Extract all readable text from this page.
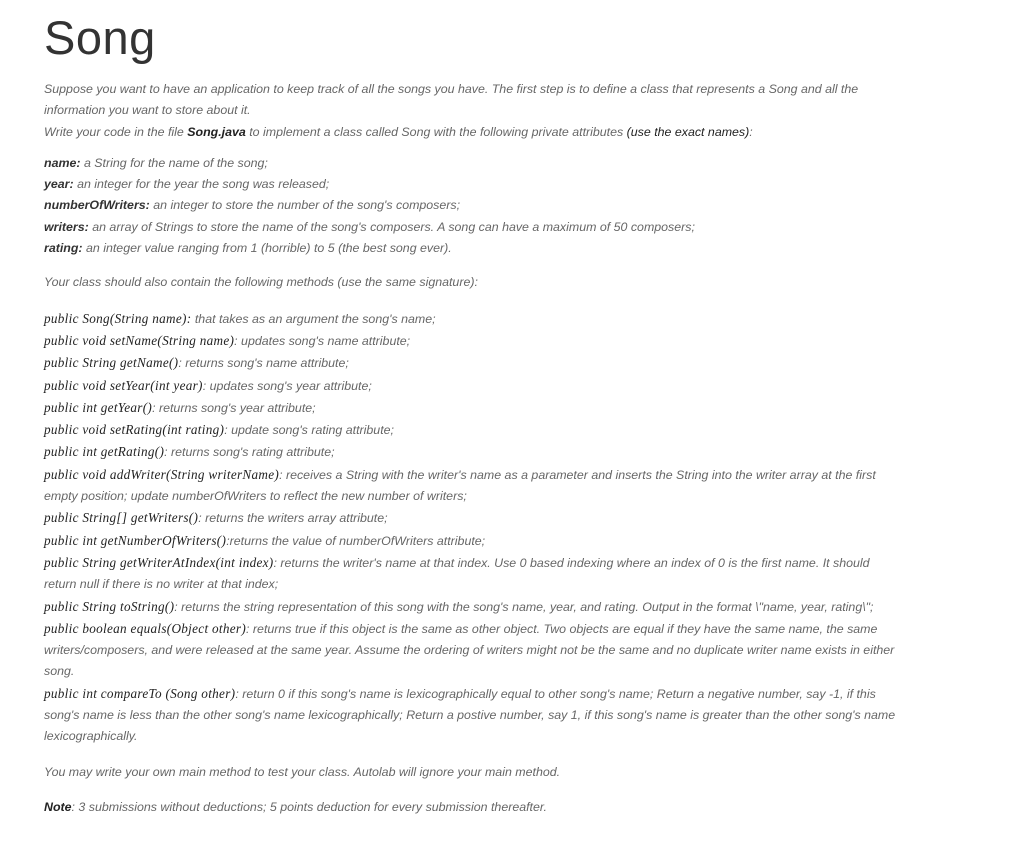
Song

Suppose you want to have an application to keep track of all the songs you have. The first step is to define a class that represents a Song and all the information you want to store about it.
Write your code in the file Song.java to implement a class called Song with the following private attributes (use the exact names):

name: a String for the name of the song;

year: an integer for the year the song was released;

numberOfWriters: an integer to store the number of the song's composers;

writers: an array of Strings to store the name of the song's composers. A song can have a maximum of 50 composers;

rating: an integer value ranging from 1 (horrible) to 5 (the best song ever).

Your class should also contain the following methods (use the same signature):

public Song(String name): that takes as an argument the song's name;

public void setName(String name): updates song's name attribute;

public String getName(): returns song's name attribute;

public void setYear(int year): updates song's year attribute;

public int getYear(): returns song's year attribute;

public void setRating(int rating): update song's rating attribute;

public int getRating(): returns song's rating attribute;

public void addWriter(String writerName): receives a String with the writer's name as a parameter and inserts the String into the writer array at the first empty position; update numberOfWriters to reflect the new number of writers;

public String[] getWriters(): returns the writers array attribute;

public int getNumberOfWriters():returns the value of numberOfWriters attribute;

public String getWriterAtIndex(int index): returns the writer's name at that index. Use 0 based indexing where an index of 0 is the first name. It should return null if there is no writer at that index;

public String toString(): returns the string representation of this song with the song's name, year, and rating. Output in the format \"name, year, rating\";

public boolean equals(Object other): returns true if this object is the same as other object. Two objects are equal if they have the same name, the same writers/composers, and were released at the same year. Assume the ordering of writers might not be the same and no duplicate writer name exists in either song.

public int compareTo (Song other): return 0 if this song's name is lexicographically equal to other song's name; Return a negative number, say -1, if this song's name is less than the other song's name lexicographically; Return a postive number, say 1, if this song's name is greater than the other song's name lexicographically.

You may write your own main method to test your class. Autolab will ignore your main method.

Note: 3 submissions without deductions; 5 points deduction for every submission thereafter.
